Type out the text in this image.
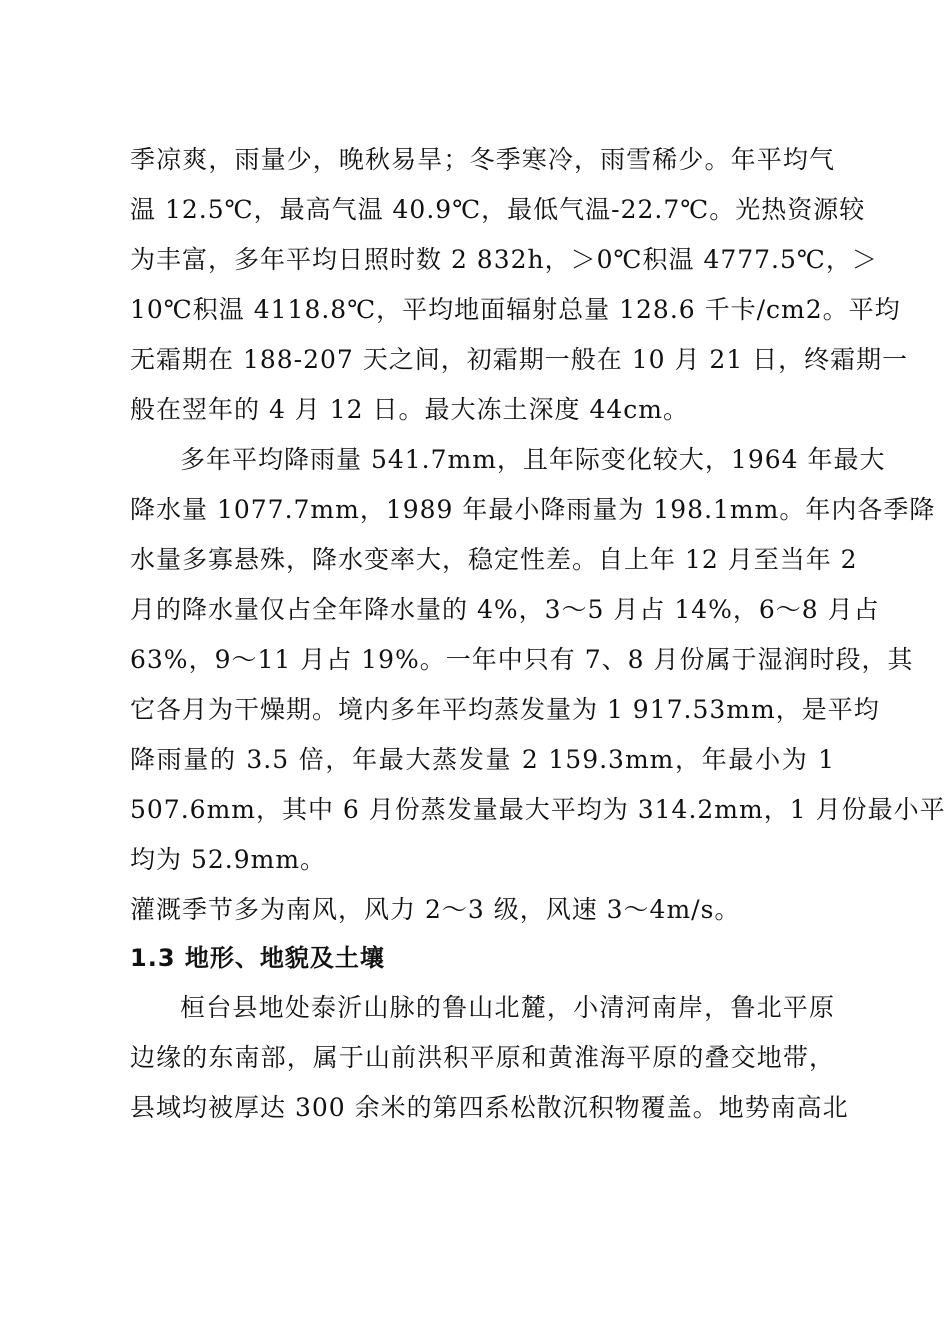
季凉爽，雨量少，晚秋易旱；冬季寒冷，雨雪稀少。年平均气
温 12.5℃，最高气温 40.9℃，最低气温-22.7℃。光热资源较
为丰富，多年平均日照时数 2 832h，＞0℃积温 4777.5℃，＞
10℃积温 4118.8℃，平均地面辐射总量 128.6 千卡/cm2。平均
无霜期在 188-207 天之间，初霜期一般在 10 月 21 日，终霜期一
般在翌年的 4 月 12 日。最大冻土深度 44cm。
多年平均降雨量 541.7mm，且年际变化较大，1964 年最大
降水量 1077.7mm，1989 年最小降雨量为 198.1mm。年内各季降
水量多寡悬殊，降水变率大，稳定性差。自上年 12 月至当年 2
月的降水量仅占全年降水量的 4%，3～5 月占 14%，6～8 月占
63%，9～11 月占 19%。一年中只有 7、8 月份属于湿润时段，其
它各月为干燥期。境内多年平均蒸发量为 1 917.53mm，是平均
降雨量的 3.5 倍，年最大蒸发量 2 159.3mm，年最小为 1
507.6mm，其中 6 月份蒸发量最大平均为 314.2mm，1 月份最小平
均为 52.9mm。
灌溉季节多为南风，风力 2～3 级，风速 3～4m/s。
1.3 地形、地貌及土壤
桓台县地处泰沂山脉的鲁山北麓，小清河南岸，鲁北平原
边缘的东南部，属于山前洪积平原和黄淮海平原的叠交地带，
县域均被厚达 300 余米的第四系松散沉积物覆盖。地势南高北
